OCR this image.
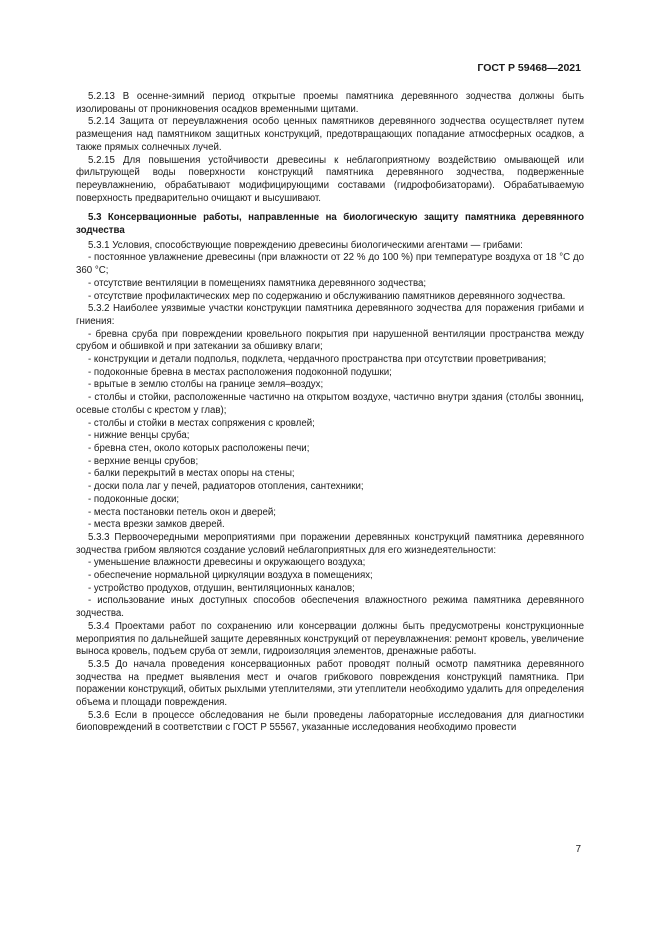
ГОСТ Р 59468—2021

5.2.13 В осенне-зимний период открытые проемы памятника деревянного зодчества должны быть изолированы от проникновения осадков временными щитами.

5.2.14 Защита от переувлажнения особо ценных памятников деревянного зодчества осуществляет путем размещения над памятником защитных конструкций, предотвращающих попадание атмосферных осадков, а также прямых солнечных лучей.

5.2.15 Для повышения устойчивости древесины к неблагоприятному воздействию омывающей или фильтрующей воды поверхности конструкций памятника деревянного зодчества, подверженные переувлажнению, обрабатывают модифицирующими составами (гидрофобизаторами). Обрабатываемую поверхность предварительно очищают и высушивают.

5.3 Консервационные работы, направленные на биологическую защиту памятника деревянного зодчества

5.3.1 Условия, способствующие повреждению древесины биологическими агентами — грибами:

- постоянное увлажнение древесины (при влажности от 22 % до 100 %) при температуре воздуха от 18 °C до 360 °C;

- отсутствие вентиляции в помещениях памятника деревянного зодчества;

- отсутствие профилактических мер по содержанию и обслуживанию памятников деревянного зодчества.

5.3.2 Наиболее уязвимые участки конструкции памятника деревянного зодчества для поражения грибами и гниения:

- бревна сруба при повреждении кровельного покрытия при нарушенной вентиляции пространства между срубом и обшивкой и при затекании за обшивку влаги;

- конструкции и детали подполья, подклета, чердачного пространства при отсутствии проветривания;

- подоконные бревна в местах расположения подоконной подушки;

- врытые в землю столбы на границе земля–воздух;

- столбы и стойки, расположенные частично на открытом воздухе, частично внутри здания (столбы звонниц, осевые столбы с крестом у глав);

- столбы и стойки в местах сопряжения с кровлей;

- нижние венцы сруба;

- бревна стен, около которых расположены печи;

- верхние венцы срубов;

- балки перекрытий в местах опоры на стены;

- доски пола лаг у печей, радиаторов отопления, сантехники;

- подоконные доски;

- места постановки петель окон и дверей;

- места врезки замков дверей.

5.3.3 Первоочередными мероприятиями при поражении деревянных конструкций памятника деревянного зодчества грибом являются создание условий неблагоприятных для его жизнедеятельности:

- уменьшение влажности древесины и окружающего воздуха;

- обеспечение нормальной циркуляции воздуха в помещениях;

- устройство продухов, отдушин, вентиляционных каналов;

- использование иных доступных способов обеспечения влажностного режима памятника деревянного зодчества.

5.3.4 Проектами работ по сохранению или консервации должны быть предусмотрены конструкционные мероприятия по дальнейшей защите деревянных конструкций от переувлажнения: ремонт кровель, увеличение выноса кровель, подъем сруба от земли, гидроизоляция элементов, дренажные работы.

5.3.5 До начала проведения консервационных работ проводят полный осмотр памятника деревянного зодчества на предмет выявления мест и очагов грибкового повреждения конструкций памятника. При поражении конструкций, обитых рыхлыми утеплителями, эти утеплители необходимо удалить для определения объема и площади повреждения.

5.3.6 Если в процессе обследования не были проведены лабораторные исследования для диагностики биоповреждений в соответствии с ГОСТ Р 55567, указанные исследования необходимо провести

7
